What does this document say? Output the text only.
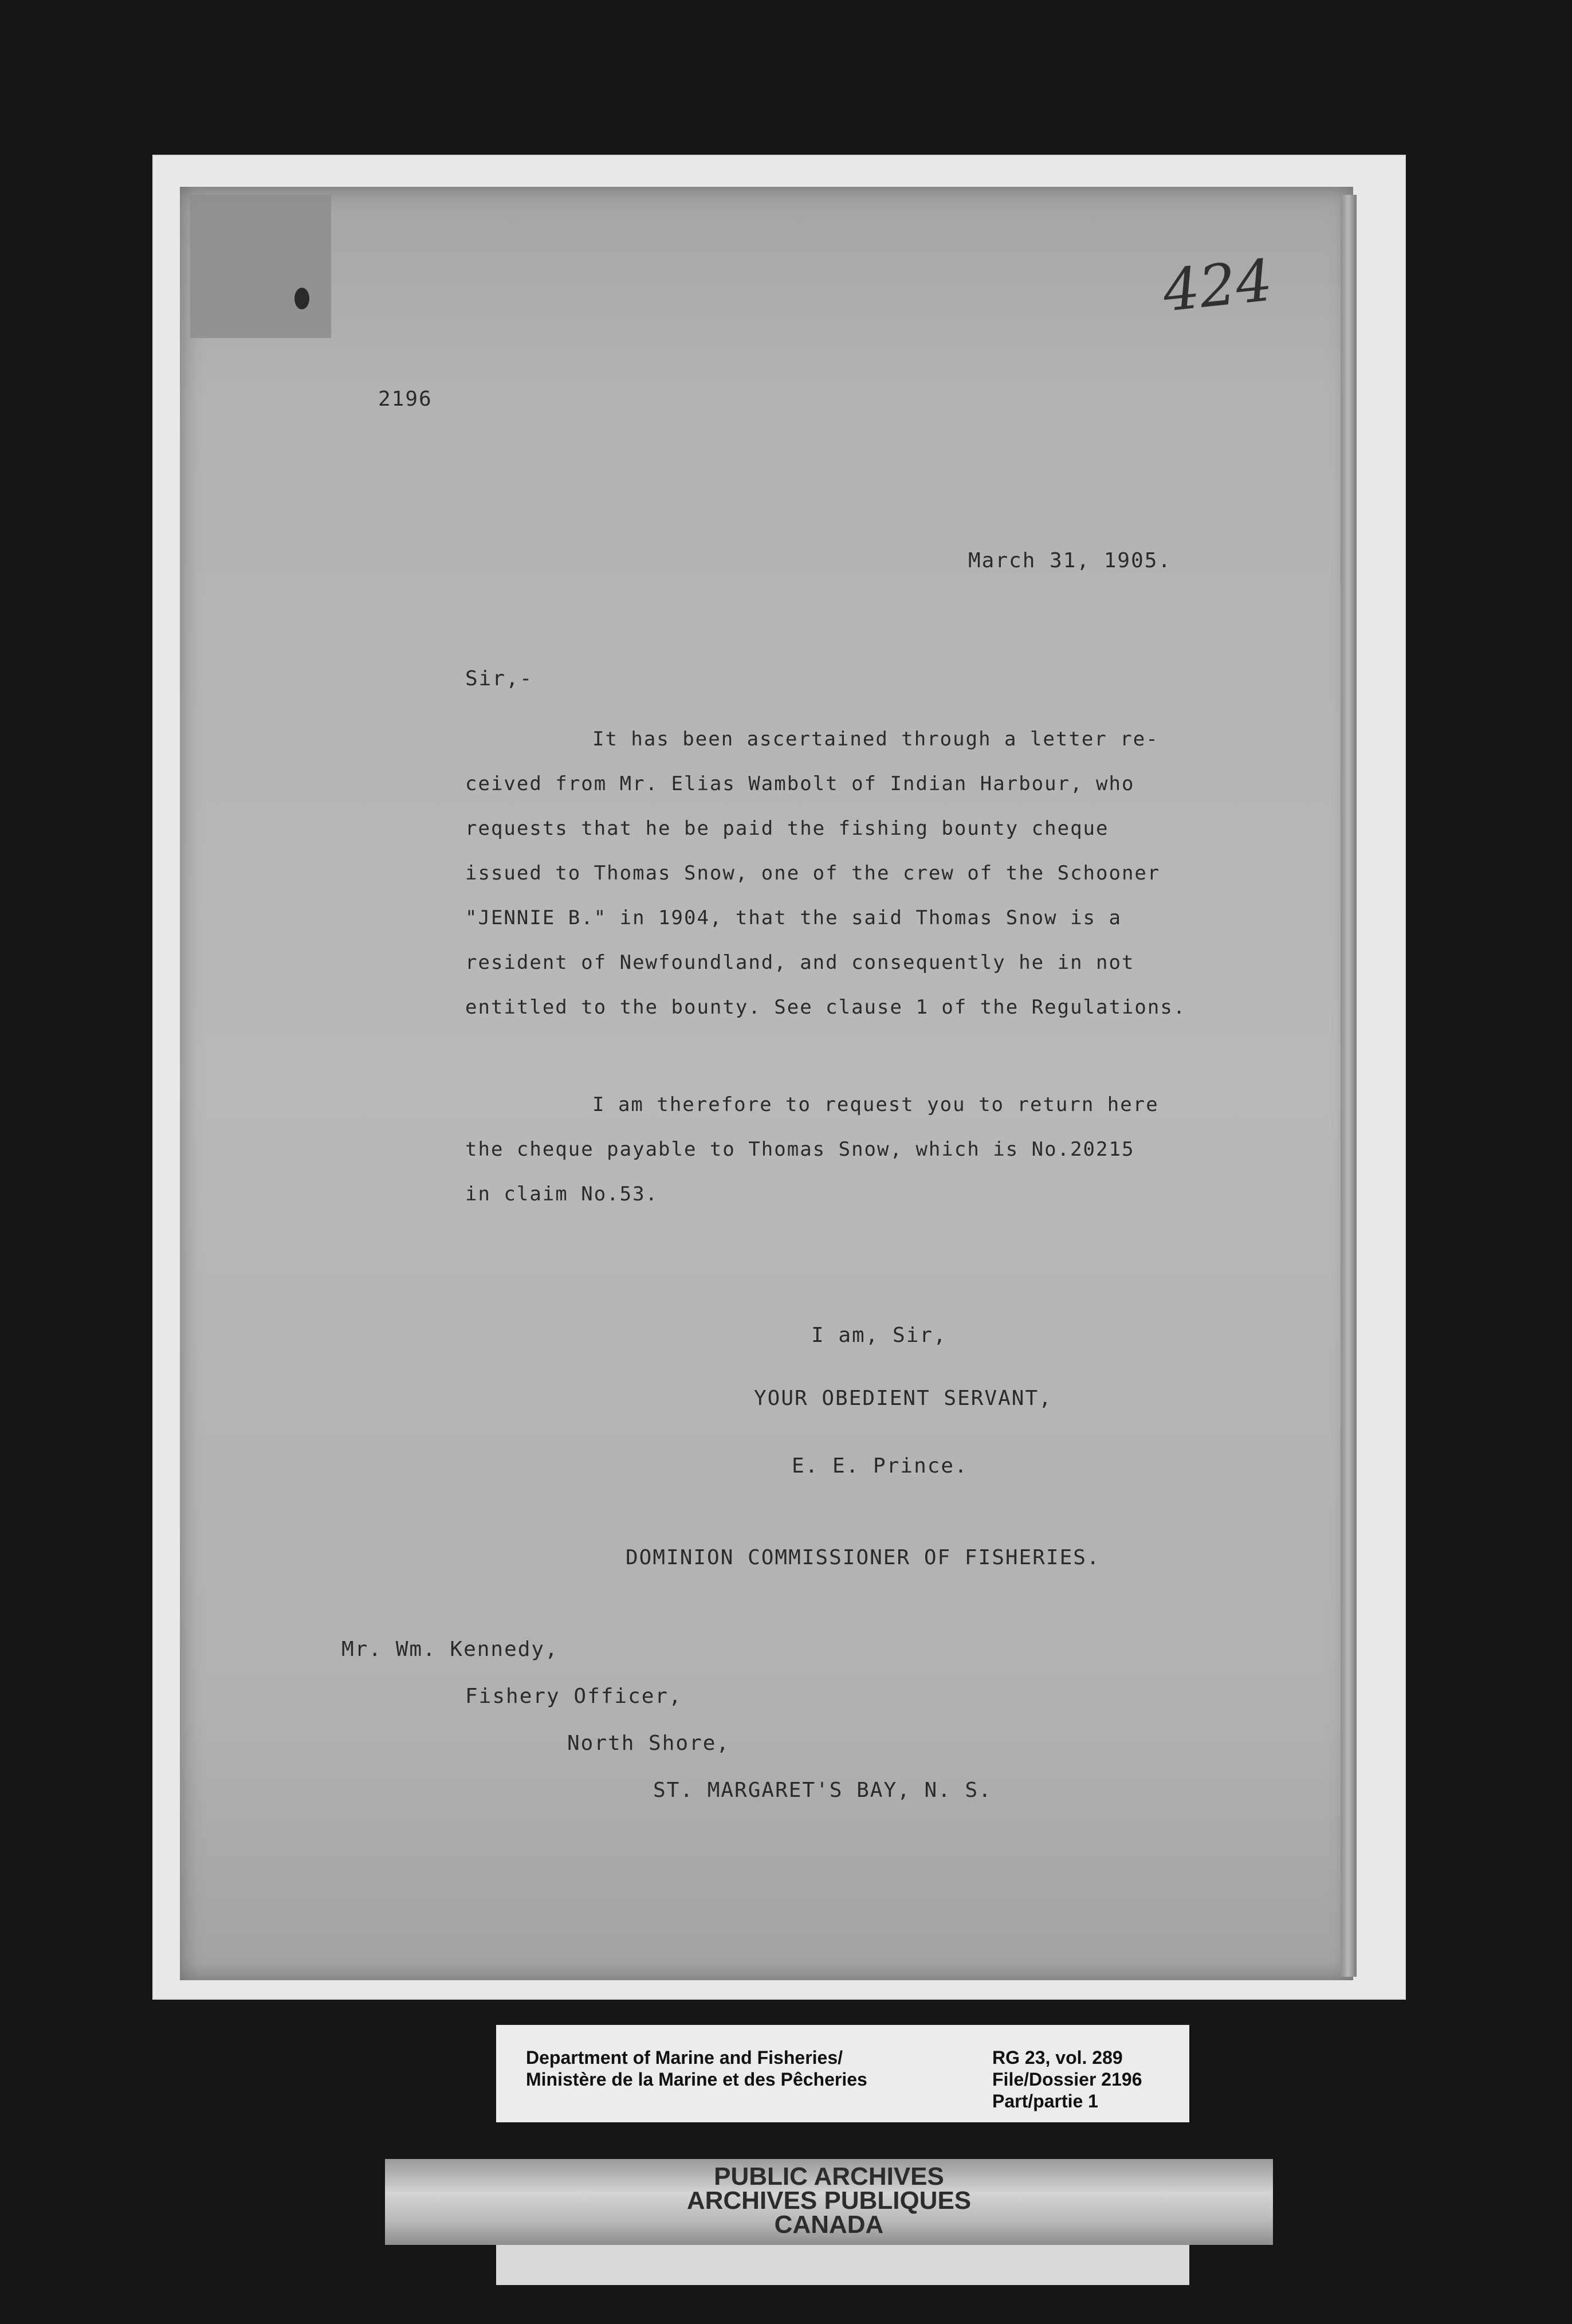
424
2196
March 31, 1905.
Sir,-
It has been ascertained through a letter re-
ceived from Mr. Elias Wambolt of Indian Harbour, who
requests that he be paid the fishing bounty cheque
issued to Thomas Snow, one of the crew of the Schooner
"JENNIE B." in 1904, that the said Thomas Snow is a
resident of Newfoundland, and consequently he in not
entitled to the bounty. See clause 1 of the Regulations.
I am therefore to request you to return here
the cheque payable to Thomas Snow, which is No.20215
in claim No.53.
I am, Sir,
YOUR OBEDIENT SERVANT,
E. E. Prince.
DOMINION COMMISSIONER OF FISHERIES.
Mr. Wm. Kennedy,
Fishery Officer,
North Shore,
ST. MARGARET'S BAY, N. S.
Department of Marine and Fisheries/
Ministère de la Marine et des Pêcheries
RG 23, vol. 289
File/Dossier 2196
Part/partie 1
PUBLIC ARCHIVES
ARCHIVES PUBLIQUES
CANADA
